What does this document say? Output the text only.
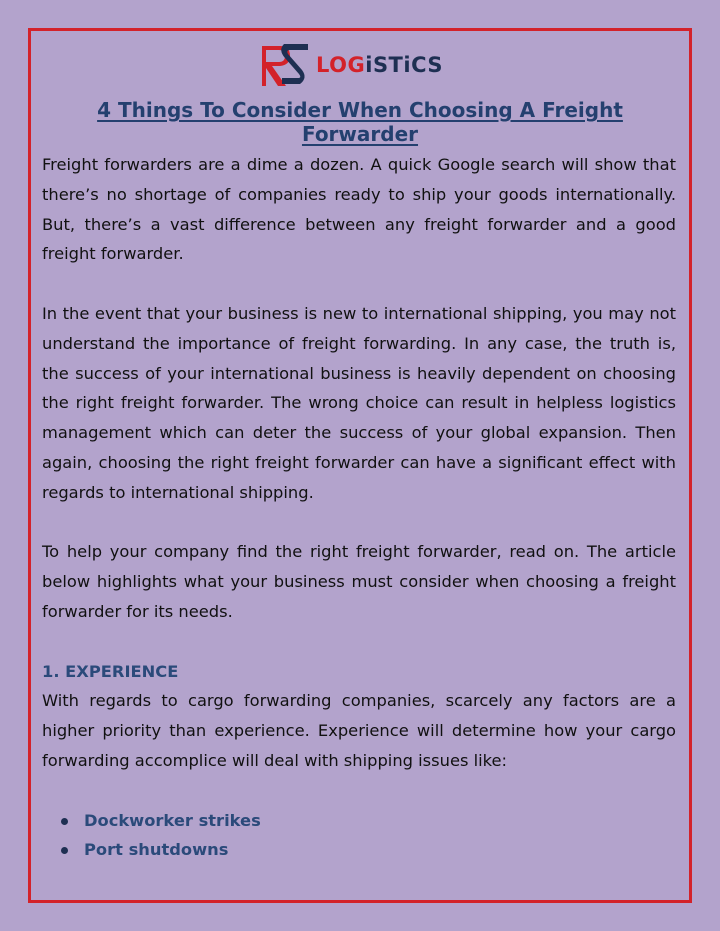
LOGiSTiCS
4 Things To Consider When Choosing A Freight Forwarder

Freight forwarders are a dime a dozen. A quick Google search will show that there’s no shortage of companies ready to ship your goods internationally. But, there’s a vast difference between any freight forwarder and a good freight forwarder.

In the event that your business is new to international shipping, you may not understand the importance of freight forwarding. In any case, the truth is, the success of your international business is heavily dependent on choosing the right freight forwarder. The wrong choice can result in helpless logistics management which can deter the success of your global expansion. Then again, choosing the right freight forwarder can have a significant effect with regards to international shipping.

To help your company find the right freight forwarder, read on. The article below highlights what your business must consider when choosing a freight forwarder for its needs.

1. EXPERIENCE

With regards to cargo forwarding companies, scarcely any factors are a higher priority than experience. Experience will determine how your cargo forwarding accomplice will deal with shipping issues like:

Dockworker strikes
Port shutdowns
